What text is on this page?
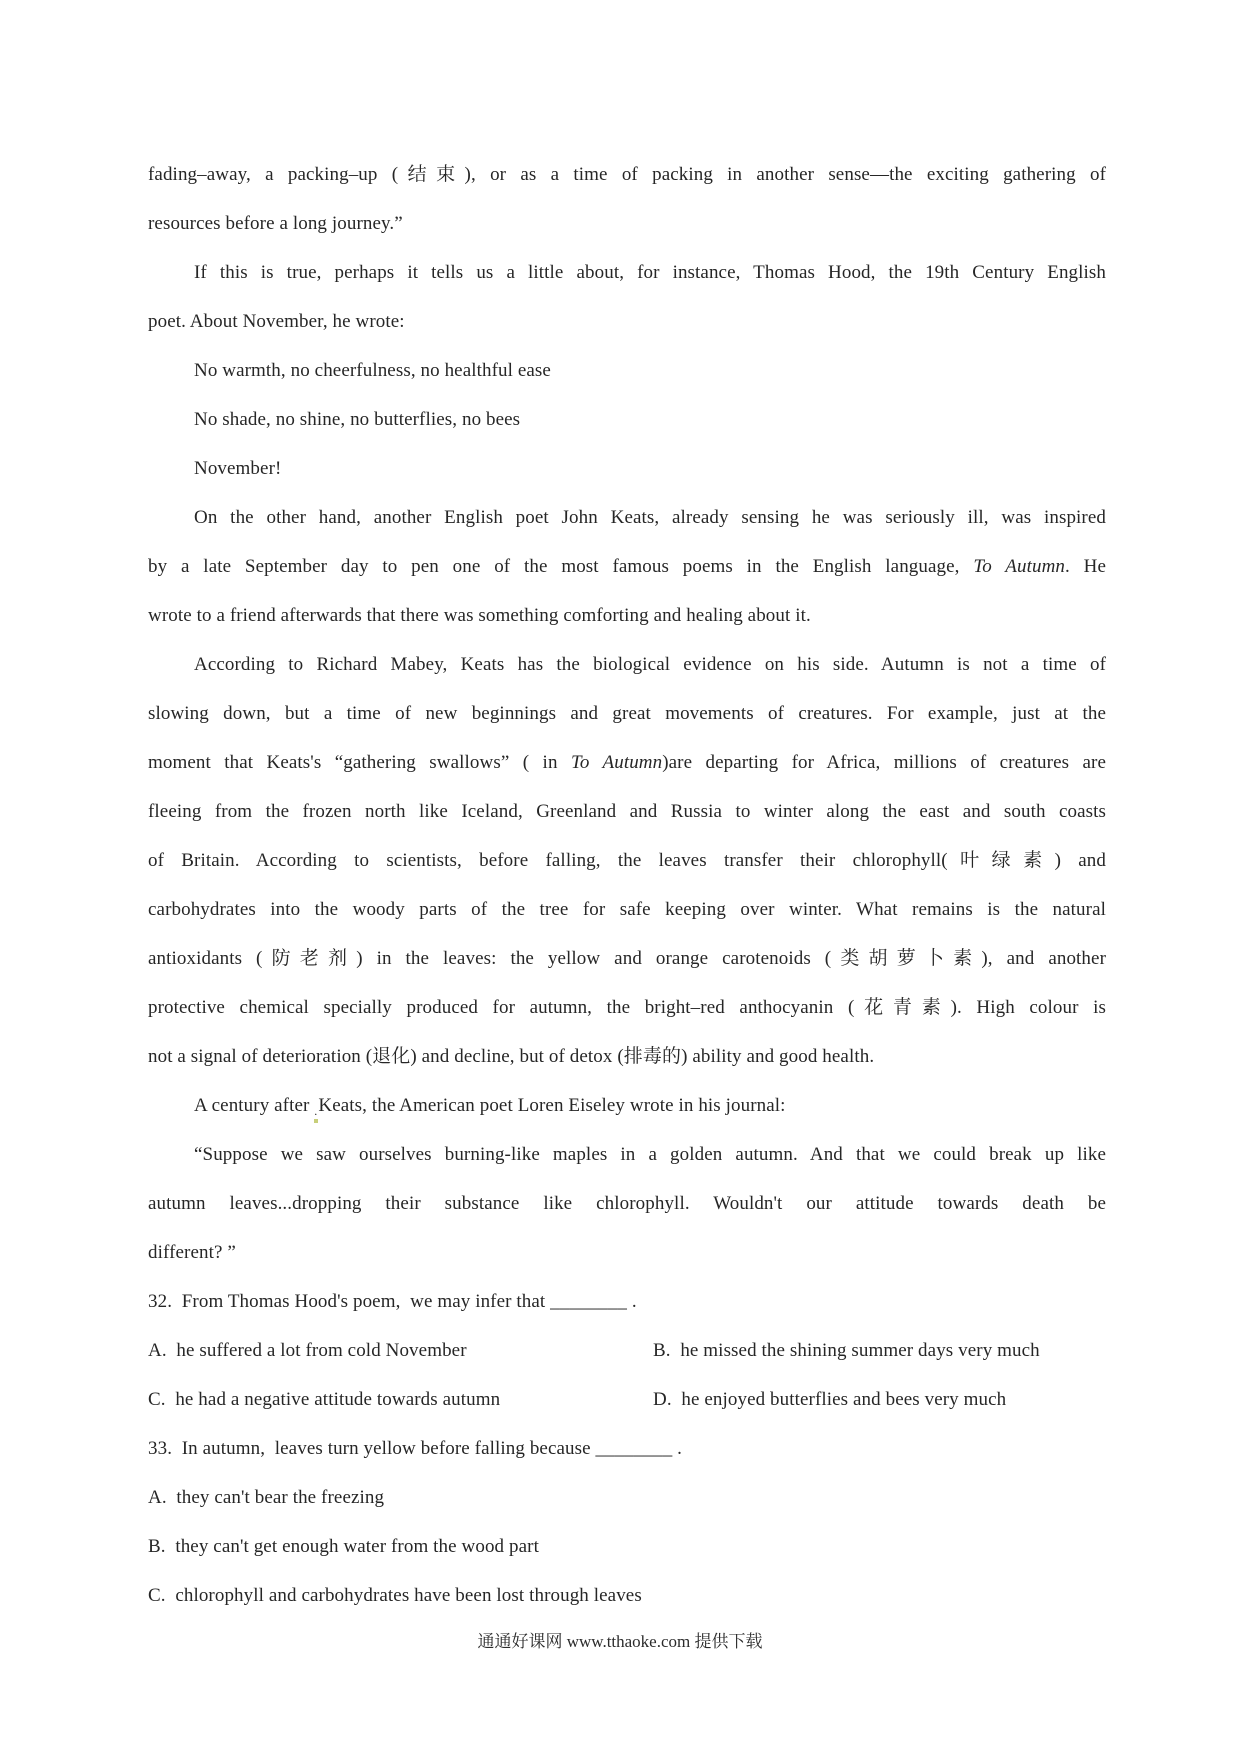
fading–away, a packing–up (结束), or as a time of packing in another sense—the exciting gathering of
resources before a long journey.”
If this is true, perhaps it tells us a little about, for instance, Thomas Hood, the 19th Century English
poet. About November, he wrote:
No warmth, no cheerfulness, no healthful ease
No shade, no shine, no butterflies, no bees
November!
On the other hand, another English poet John Keats, already sensing he was seriously ill, was inspired
by a late September day to pen one of the most famous poems in the English language, To Autumn. He
wrote to a friend afterwards that there was something comforting and healing about it.
According to Richard Mabey, Keats has the biological evidence on his side. Autumn is not a time of
slowing down, but a time of new beginnings and great movements of creatures. For example, just at the
moment that Keats's “gathering swallows” ( in To Autumn)are departing for Africa, millions of creatures are
fleeing from the frozen north like Iceland, Greenland and Russia to winter along the east and south coasts
of Britain. According to scientists, before falling, the leaves transfer their chlorophyll(叶绿素) and
carbohydrates into the woody parts of the tree for safe keeping over winter. What remains is the natural
antioxidants (防老剂) in the leaves: the yellow and orange carotenoids (类胡萝卜素), and another
protective chemical specially produced for autumn, the bright–red anthocyanin (花青素). High colour is
not a signal of deterioration (退化) and decline, but of detox (排毒的) ability and good health.
A century after $_.$Keats, the American poet Loren Eiseley wrote in his journal:
“Suppose we saw ourselves burning-like maples in a golden autumn. And that we could break up like
autumn leaves...dropping their substance like chlorophyll. Wouldn't our attitude towards death be
different? ”
32.  From Thomas Hood's poem,  we may infer that ________ .
A.  he suffered a lot from cold November	B.  he missed the shining summer days very much
C.  he had a negative attitude towards autumn	D.  he enjoyed butterflies and bees very much
33.  In autumn,  leaves turn yellow before falling because ________ .
A.  they can't bear the freezing
B.  they can't get enough water from the wood part
C.  chlorophyll and carbohydrates have been lost through leaves
通通好课网 www.tthaoke.com 提供下载
